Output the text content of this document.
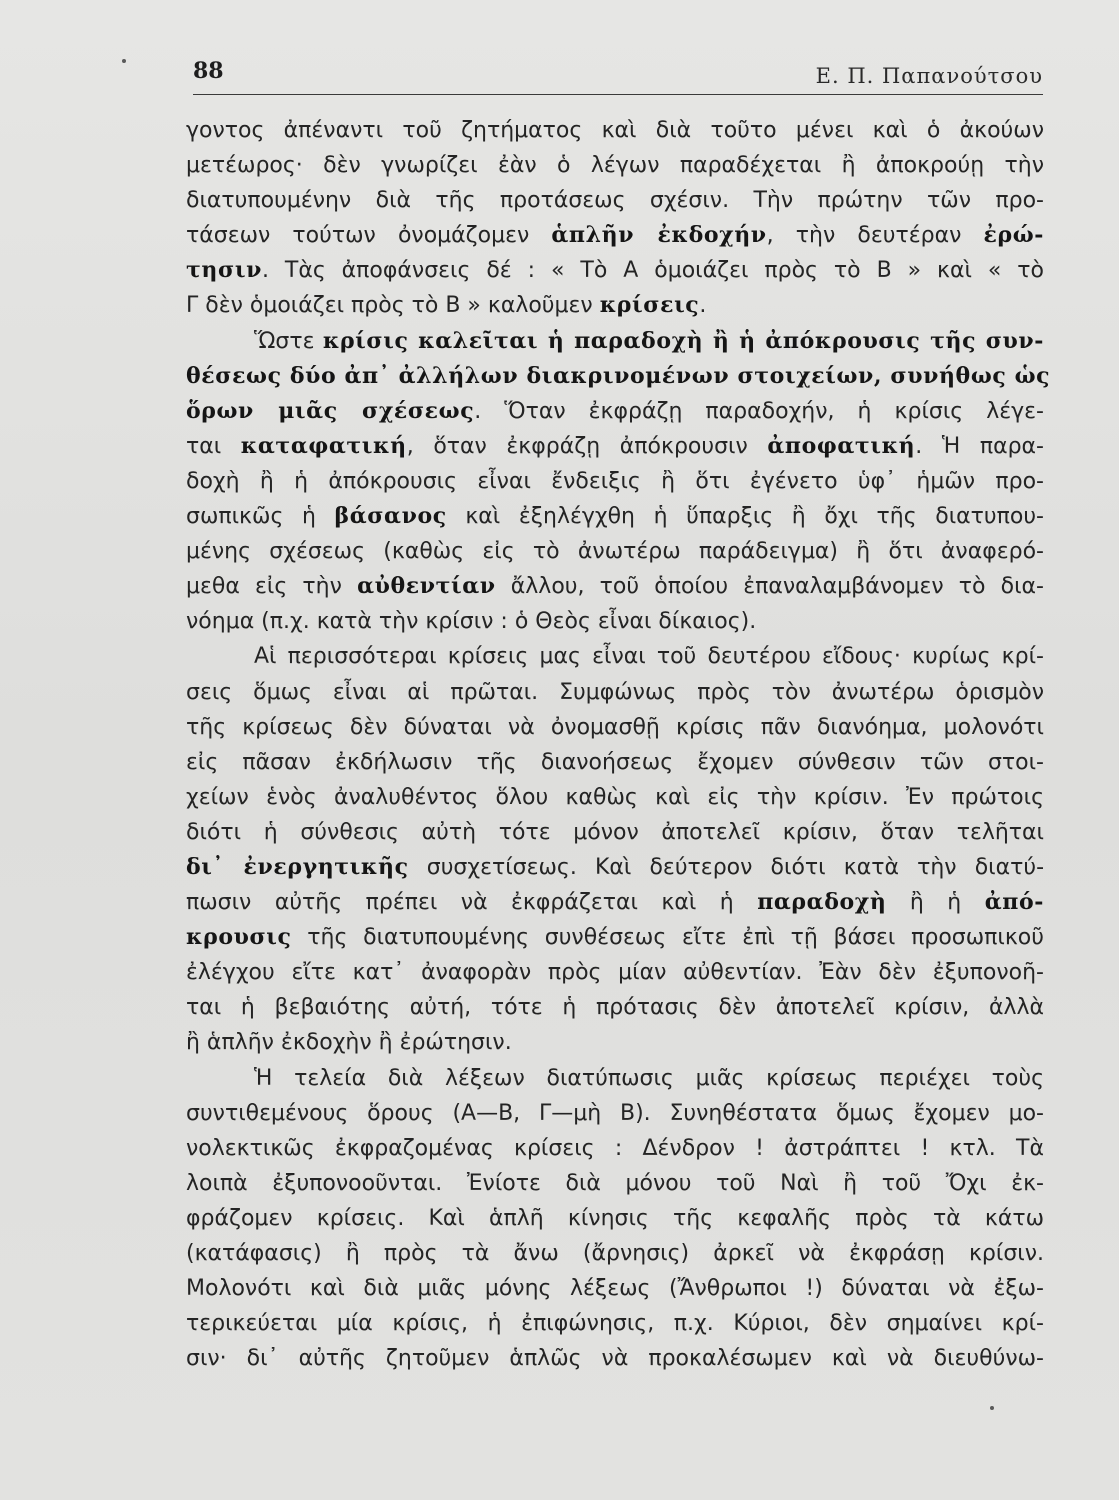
88	Ε. Π. Παπανούτσου
γοντος ἀπέναντι τοῦ ζητήματος καὶ διὰ τοῦτο μένει καὶ ὁ ἀκούων
μετέωρος· δὲν γνωρίζει ἐὰν ὁ λέγων παραδέχεται ἢ ἀποκρούῃ τὴν
διατυπουμένην διὰ τῆς προτάσεως σχέσιν. Τὴν πρώτην τῶν προ-
τάσεων τούτων ὀνομάζομεν ἁπλῆν ἐκδοχήν, τὴν δευτέραν ἐρώ-
τησιν. Τὰς ἀποφάνσεις δέ : « Τὸ Α ὁμοιάζει πρὸς τὸ Β » καὶ « τὸ
Γ δὲν ὁμοιάζει πρὸς τὸ Β » καλοῦμεν κρίσεις.
Ὥστε κρίσις καλεῖται ἡ παραδοχὴ ἢ ἡ ἀπόκρουσις τῆς συν-
θέσεως δύο ἀπ᾽ ἀλλήλων διακρινομένων στοιχείων, συνήθως ὡς
ὅρων μιᾶς σχέσεως. Ὅταν ἐκφράζῃ παραδοχήν, ἡ κρίσις λέγε-
ται καταφατική, ὅταν ἐκφράζῃ ἀπόκρουσιν ἀποφατική. Ἡ παρα-
δοχὴ ἢ ἡ ἀπόκρουσις εἶναι ἔνδειξις ἢ ὅτι ἐγένετο ὑφ᾽ ἡμῶν προ-
σωπικῶς ἡ βάσανος καὶ ἐξηλέγχθη ἡ ὕπαρξις ἢ ὄχι τῆς διατυπου-
μένης σχέσεως (καθὼς εἰς τὸ ἀνωτέρω παράδειγμα) ἢ ὅτι ἀναφερό-
μεθα εἰς τὴν αὐθεντίαν ἄλλου, τοῦ ὁποίου ἐπαναλαμβάνομεν τὸ δια-
νόημα (π.χ. κατὰ τὴν κρίσιν : ὁ Θεὸς εἶναι δίκαιος).
Αἱ περισσότεραι κρίσεις μας εἶναι τοῦ δευτέρου εἴδους· κυρίως κρί-
σεις ὅμως εἶναι αἱ πρῶται. Συμφώνως πρὸς τὸν ἀνωτέρω ὁρισμὸν
τῆς κρίσεως δὲν δύναται νὰ ὀνομασθῇ κρίσις πᾶν διανόημα, μολονότι
εἰς πᾶσαν ἐκδήλωσιν τῆς διανοήσεως ἔχομεν σύνθεσιν τῶν στοι-
χείων ἑνὸς ἀναλυθέντος ὅλου καθὼς καὶ εἰς τὴν κρίσιν. Ἐν πρώτοις
διότι ἡ σύνθεσις αὐτὴ τότε μόνον ἀποτελεῖ κρίσιν, ὅταν τελῆται
δι᾽ ἐνεργητικῆς συσχετίσεως. Καὶ δεύτερον διότι κατὰ τὴν διατύ-
πωσιν αὐτῆς πρέπει νὰ ἐκφράζεται καὶ ἡ παραδοχὴ ἢ ἡ ἀπό-
κρουσις τῆς διατυπουμένης συνθέσεως εἴτε ἐπὶ τῇ βάσει προσωπικοῦ
ἐλέγχου εἴτε κατ᾽ ἀναφορὰν πρὸς μίαν αὐθεντίαν. Ἐὰν δὲν ἐξυπονοῆ-
ται ἡ βεβαιότης αὐτή, τότε ἡ πρότασις δὲν ἀποτελεῖ κρίσιν, ἀλλὰ
ἢ ἁπλῆν ἐκδοχὴν ἢ ἐρώτησιν.
Ἡ τελεία διὰ λέξεων διατύπωσις μιᾶς κρίσεως περιέχει τοὺς
συντιθεμένους ὅρους (Α—Β, Γ—μὴ Β). Συνηθέστατα ὅμως ἔχομεν μο-
νολεκτικῶς ἐκφραζομένας κρίσεις : Δένδρον ! ἀστράπτει ! κτλ. Τὰ
λοιπὰ ἐξυπονοοῦνται. Ἐνίοτε διὰ μόνου τοῦ Ναὶ ἢ τοῦ Ὄχι ἐκ-
φράζομεν κρίσεις. Καὶ ἁπλῆ κίνησις τῆς κεφαλῆς πρὸς τὰ κάτω
(κατάφασις) ἢ πρὸς τὰ ἄνω (ἄρνησις) ἀρκεῖ νὰ ἐκφράσῃ κρίσιν.
Μολονότι καὶ διὰ μιᾶς μόνης λέξεως (Ἄνθρωποι !) δύναται νὰ ἐξω-
τερικεύεται μία κρίσις, ἡ ἐπιφώνησις, π.χ. Κύριοι, δὲν σημαίνει κρί-
σιν· δι᾽ αὐτῆς ζητοῦμεν ἁπλῶς νὰ προκαλέσωμεν καὶ νὰ διευθύνω-
